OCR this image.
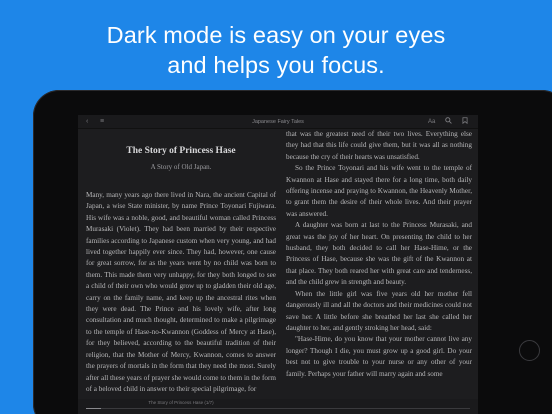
Dark mode is easy on your eyes
and helps you focus.
‹ ≡	Japanese Fairy Tales	Aa
The Story of Princess Hase
A Story of Old Japan.

Many, many years ago there lived in Nara, the ancient Capital of Japan, a wise State minister, by name Prince Toyonari Fujiwara. His wife was a noble, good, and beautiful woman called Princess Murasaki (Violet). They had been married by their respective families according to Japanese custom when very young, and had lived together happily ever since. They had, however, one cause for great sorrow, for as the years went by no child was born to them. This made them very unhappy, for they both longed to see a child of their own who would grow up to gladden their old age, carry on the family name, and keep up the ancestral rites when they were dead. The Prince and his lovely wife, after long consultation and much thought, determined to make a pilgrimage to the temple of Hase-no-Kwannon (Goddess of Mercy at Hase), for they believed, according to the beautiful tradition of their religion, that the Mother of Mercy, Kwannon, comes to answer the prayers of mortals in the form that they need the most. Surely after all these years of prayer she would come to them in the form of a beloved child in answer to their special pilgrimage, for

that was the greatest need of their two lives. Everything else they had that this life could give them, but it was all as nothing because the cry of their hearts was unsatisfied.

So the Prince Toyonari and his wife went to the temple of Kwannon at Hase and stayed there for a long time, both daily offering incense and praying to Kwannon, the Heavenly Mother, to grant them the desire of their whole lives. And their prayer was answered.

A daughter was born at last to the Princess Murasaki, and great was the joy of her heart. On presenting the child to her husband, they both decided to call her Hase-Hime, or the Princess of Hase, because she was the gift of the Kwannon at that place. They both reared her with great care and tenderness, and the child grew in strength and beauty.

When the little girl was five years old her mother fell dangerously ill and all the doctors and their medicines could not save her. A little before she breathed her last she called her daughter to her, and gently stroking her head, said:

"Hase-Hime, do you know that your mother cannot live any longer? Though I die, you must grow up a good girl. Do your best not to give trouble to your nurse or any other of your family. Perhaps your father will marry again and some

The Story of Princess Hase (1/7)
